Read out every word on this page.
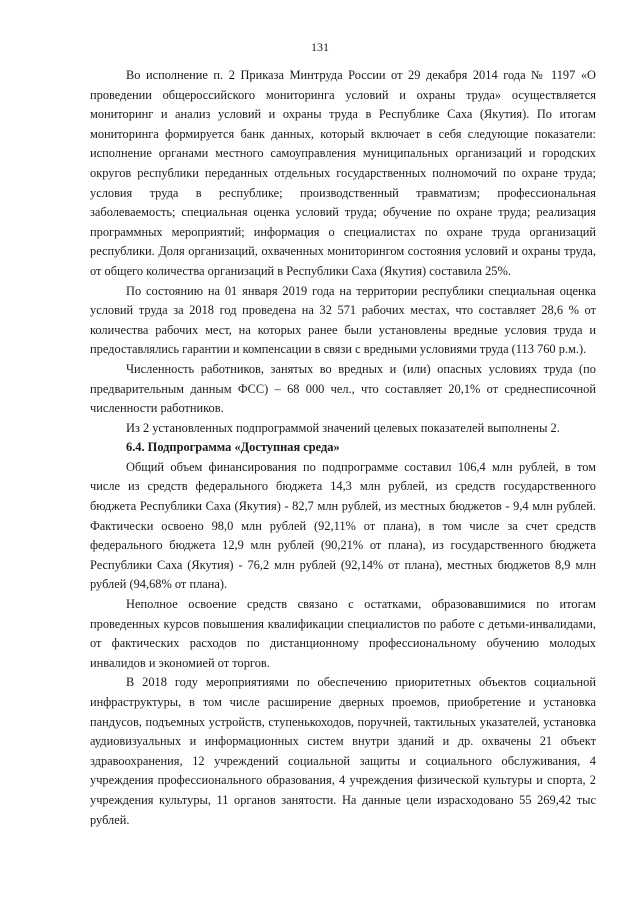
131

Во исполнение п. 2 Приказа Минтруда России от 29 декабря 2014 года № 1197 «О проведении общероссийского мониторинга условий и охраны труда» осуществляется мониторинг и анализ условий и охраны труда в Республике Саха (Якутия). По итогам мониторинга формируется банк данных, который включает в себя следующие показатели: исполнение органами местного самоуправления муниципальных организаций и городских округов республики переданных отдельных государственных полномочий по охране труда; условия труда в республике; производственный травматизм; профессиональная заболеваемость; специальная оценка условий труда; обучение по охране труда; реализация программных мероприятий; информация о специалистах по охране труда организаций республики. Доля организаций, охваченных мониторингом состояния условий и охраны труда, от общего количества организаций в Республики Саха (Якутия) составила 25%.

По состоянию на 01 января 2019 года на территории республики специальная оценка условий труда за 2018 год проведена на 32 571 рабочих местах, что составляет 28,6 % от количества рабочих мест, на которых ранее были установлены вредные условия труда и предоставлялись гарантии и компенсации в связи с вредными условиями труда (113 760 р.м.).

Численность работников, занятых во вредных и (или) опасных условиях труда (по предварительным данным ФСС) – 68 000 чел., что составляет 20,1% от среднесписочной численности работников.

Из 2 установленных подпрограммой значений целевых показателей выполнены 2.

6.4. Подпрограмма «Доступная среда»

Общий объем финансирования по подпрограмме составил 106,4 млн рублей, в том числе из средств федерального бюджета 14,3 млн рублей, из средств государственного бюджета Республики Саха (Якутия) - 82,7 млн рублей, из местных бюджетов - 9,4 млн рублей. Фактически освоено 98,0 млн рублей (92,11% от плана), в том числе за счет средств федерального бюджета 12,9 млн рублей (90,21% от плана), из государственного бюджета Республики Саха (Якутия) - 76,2 млн рублей (92,14% от плана), местных бюджетов 8,9 млн рублей (94,68% от плана).

Неполное освоение средств связано с остатками, образовавшимися по итогам проведенных курсов повышения квалификации специалистов по работе с детьми-инвалидами, от фактических расходов по дистанционному профессиональному обучению молодых инвалидов и экономией от торгов.

В 2018 году мероприятиями по обеспечению приоритетных объектов социальной инфраструктуры, в том числе расширение дверных проемов, приобретение и установка пандусов, подъемных устройств, ступенькоходов, поручней, тактильных указателей, установка аудиовизуальных и информационных систем внутри зданий и др. охвачены 21 объект здравоохранения, 12 учреждений социальной защиты и социального обслуживания, 4 учреждения профессионального образования, 4 учреждения физической культуры и спорта, 2 учреждения культуры, 11 органов занятости. На данные цели израсходовано 55 269,42 тыс рублей.
